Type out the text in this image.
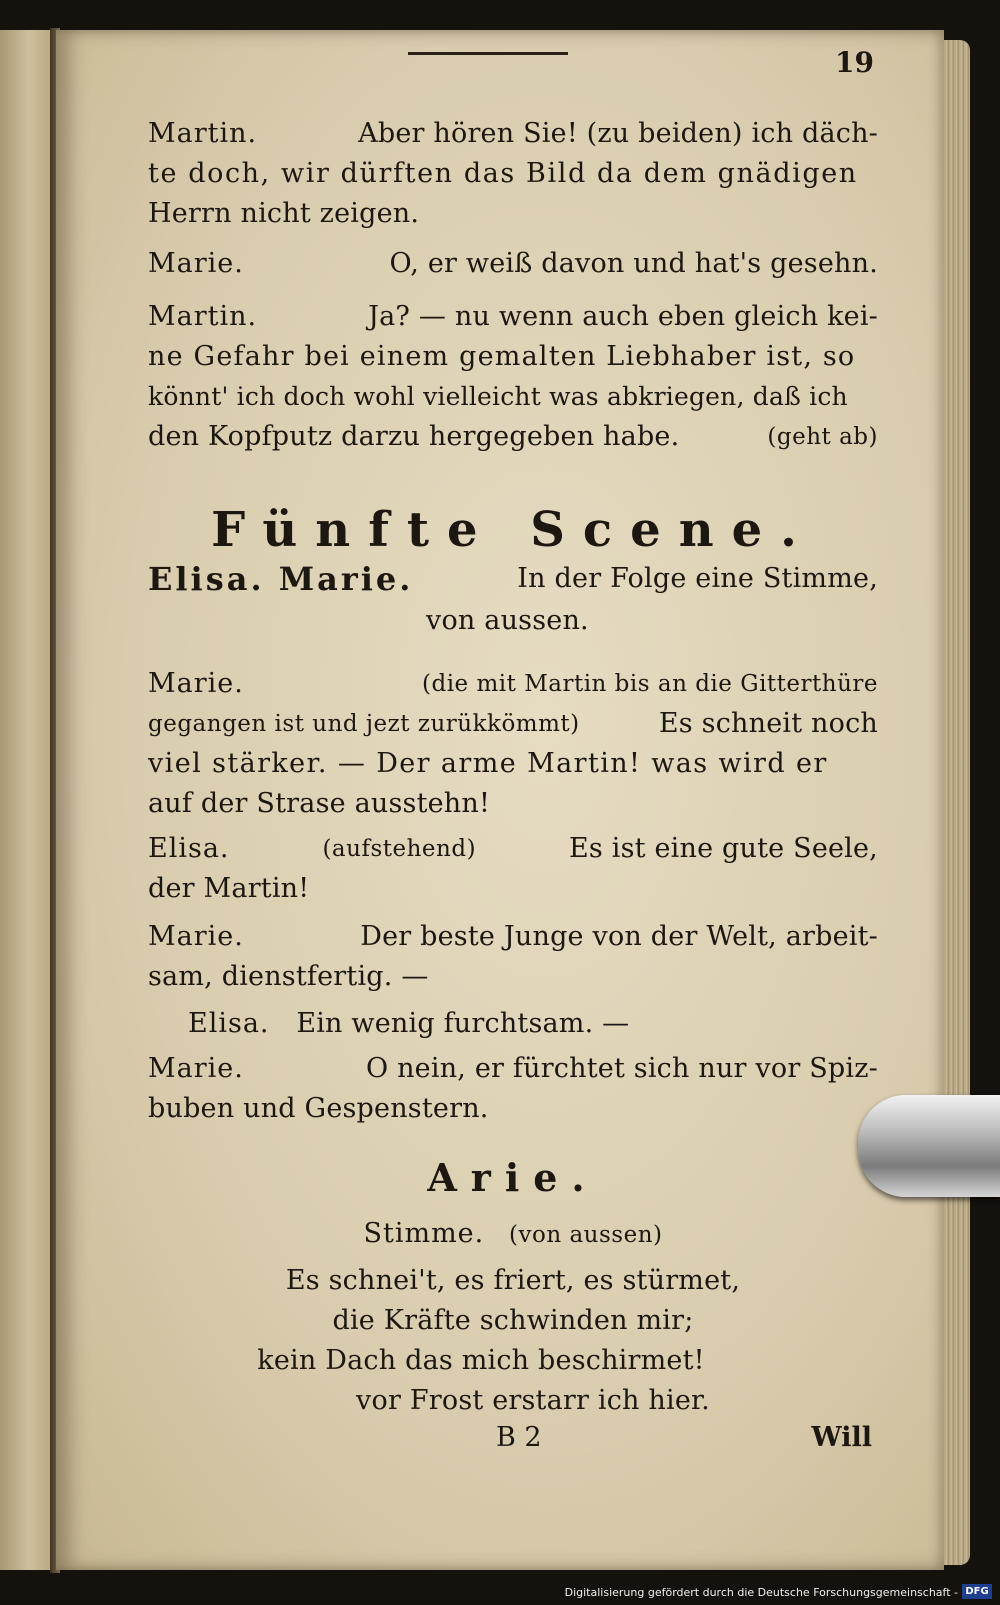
19
Martin.	Aber hören Sie! (zu beiden) ich däch-
te doch, wir dürften das Bild da dem gnädigen
Herrn nicht zeigen.
Marie.	O, er weiß davon und hat's gesehn.
Martin.	Ja? — nu wenn auch eben gleich kei-
ne Gefahr bei einem gemalten Liebhaber ist, so
könnt' ich doch wohl vielleicht was abkriegen, daß ich
den Kopfputz darzu hergegeben habe.	(geht ab)
Fünfte Scene.
Elisa. Marie.	In der Folge eine Stimme,
von aussen.
Marie.	(die mit Martin bis an die Gitterthüre
gegangen ist und jezt zurükkömmt)	Es schneit noch
viel stärker. — Der arme Martin! was wird er
auf der Strase ausstehn!
Elisa.	(aufstehend)	Es ist eine gute Seele,
der Martin!
Marie.	Der beste Junge von der Welt, arbeit-
sam, dienstfertig. —
Elisa. Ein wenig furchtsam. —
Marie.	O nein, er fürchtet sich nur vor Spiz-
buben und Gespenstern.
Arie.
Stimme. (von aussen)
Es schnei't, es friert, es stürmet,
die Kräfte schwinden mir;
kein Dach das mich beschirmet!
vor Frost erstarr ich hier.
B 2	Will
Digitalisierung gefördert durch die Deutsche Forschungsgemeinschaft - DFG
